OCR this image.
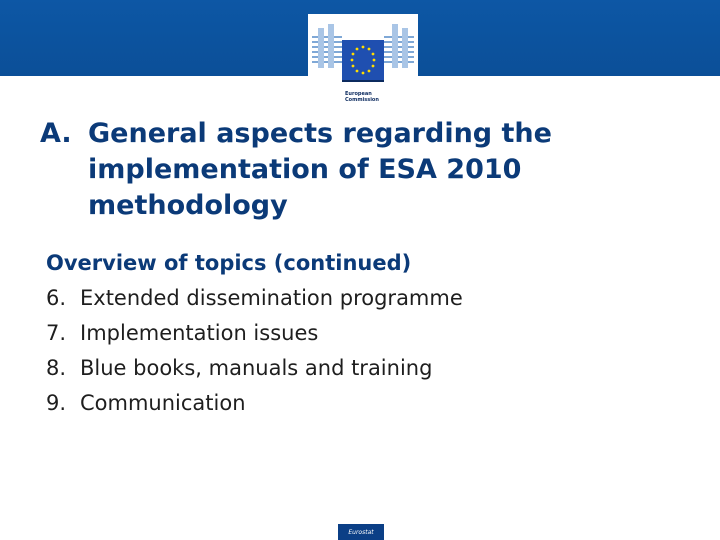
European
Commission
A. General aspects regarding the
implementation of ESA 2010
methodology
Overview of topics (continued)
6. Extended dissemination programme
7. Implementation issues
8. Blue books, manuals and training
9. Communication
Eurostat
